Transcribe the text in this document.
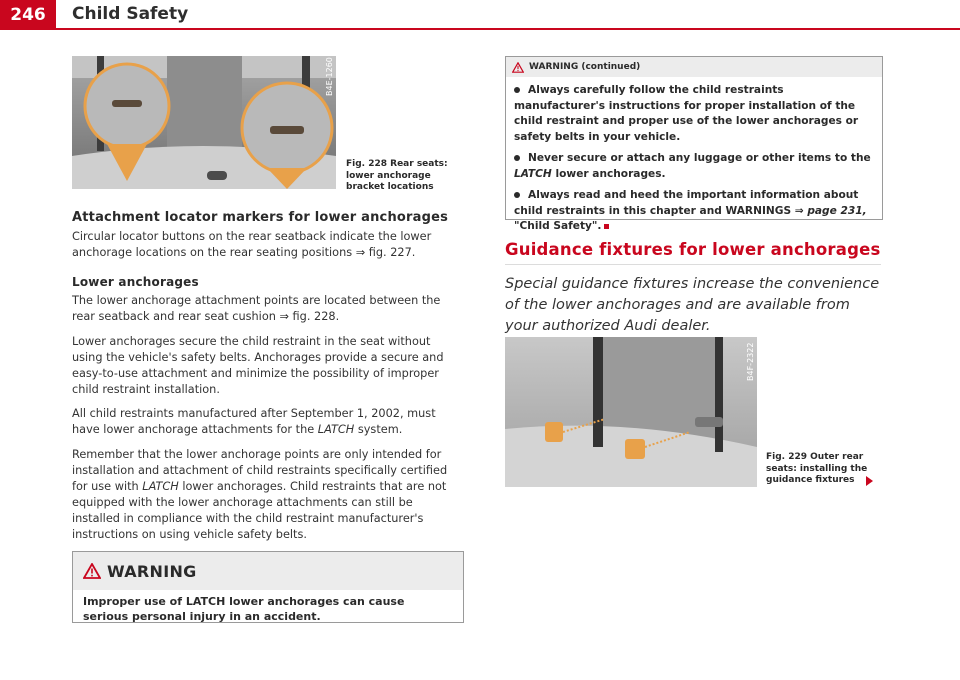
246	Child Safety
B4E-1260
Fig. 228 Rear seats:
lower anchorage
bracket locations
Attachment locator markers for lower anchorages
Circular locator buttons on the rear seatback indicate the lower anchorage locations on the rear seating positions ⇒ fig. 227.
Lower anchorages
The lower anchorage attachment points are located between the rear seatback and rear seat cushion ⇒ fig. 228.
Lower anchorages secure the child restraint in the seat without using the vehicle's safety belts. Anchorages provide a secure and easy-to-use attachment and minimize the possibility of improper child restraint installation.
All child restraints manufactured after September 1, 2002, must have lower anchorage attachments for the LATCH system.
Remember that the lower anchorage points are only intended for installation and attachment of child restraints specifically certified for use with LATCH lower anchorages. Child restraints that are not equipped with the lower anchorage attachments can still be installed in compliance with the child restraint manufacturer's instructions on using vehicle safety belts.
WARNING
Improper use of LATCH lower anchorages can cause serious personal injury in an accident.
WARNING (continued)
Always carefully follow the child restraints manufacturer's instructions for proper installation of the child restraint and proper use of the lower anchorages or safety belts in your vehicle.
Never secure or attach any luggage or other items to the LATCH lower anchorages.
Always read and heed the important information about child restraints in this chapter and WARNINGS ⇒ page 231, "Child Safety".
Guidance fixtures for lower anchorages
Special guidance fixtures increase the convenience of the lower anchorages and are available from your authorized Audi dealer.
B4F-2322
Fig. 229 Outer rear
seats: installing the
guidance fixtures
